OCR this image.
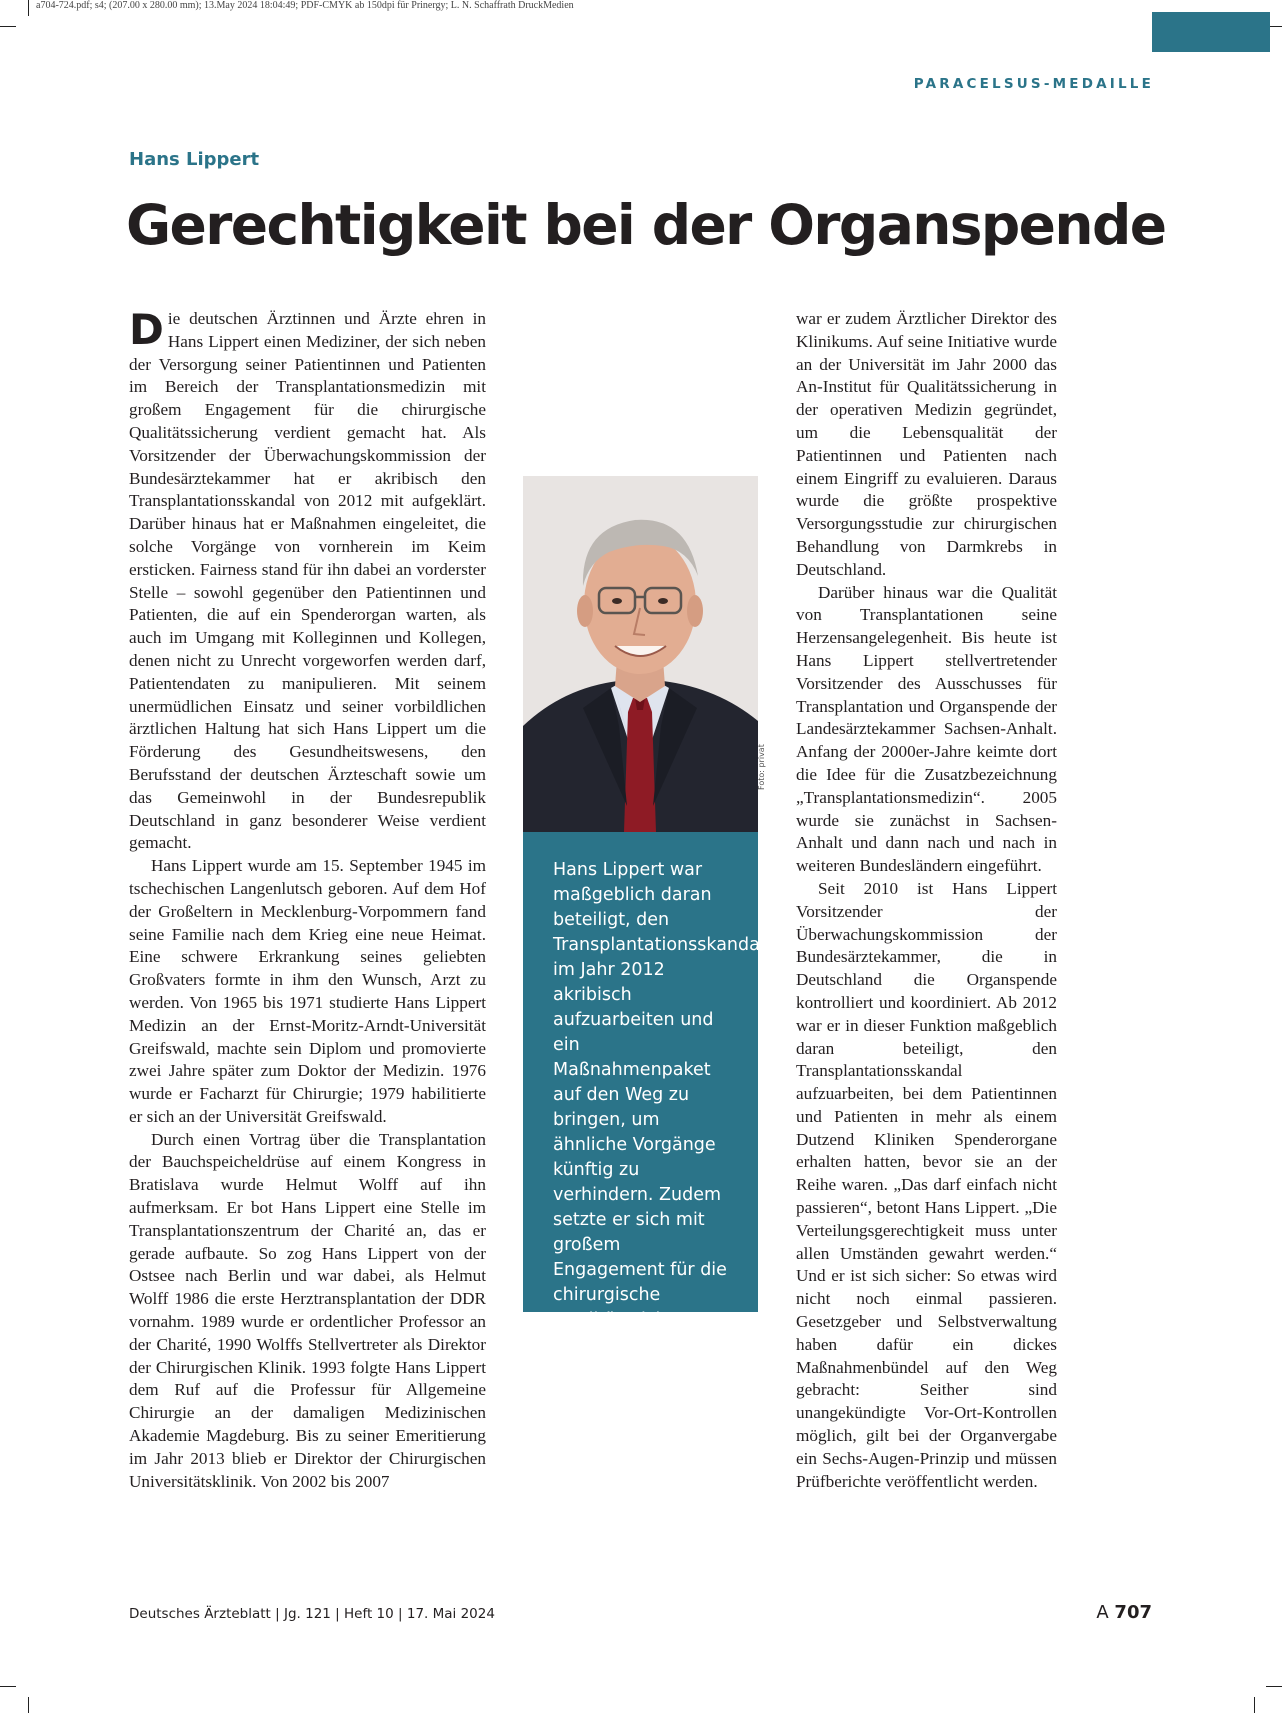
a704-724.pdf; s4; (207.00 x 280.00 mm); 13.May 2024 18:04:49; PDF-CMYK ab 150dpi für Prinergy; L. N. Schaffrath DruckMedien
PARACELSUS-MEDAILLE
Hans Lippert
Gerechtigkeit bei der Organspende

Die deutschen Ärztinnen und Ärzte ehren in Hans Lippert einen Mediziner, der sich neben der Versorgung seiner Patientinnen und Patienten im Bereich der Transplantationsmedizin mit großem Engagement für die chirurgische Qualitätssicherung verdient gemacht hat. Als Vorsitzender der Überwachungskommission der Bundesärztekammer hat er akribisch den Transplantationsskandal von 2012 mit aufgeklärt. Darüber hinaus hat er Maßnahmen eingeleitet, die solche Vorgänge von vornherein im Keim ersticken. Fairness stand für ihn dabei an vorderster Stelle – sowohl gegenüber den Patientinnen und Patienten, die auf ein Spenderorgan warten, als auch im Umgang mit Kolleginnen und Kollegen, denen nicht zu Unrecht vorgeworfen werden darf, Patientendaten zu manipulieren. Mit seinem unermüdlichen Einsatz und seiner vorbildlichen ärztlichen Haltung hat sich Hans Lippert um die Förderung des Gesundheitswesens, den Berufsstand der deutschen Ärzteschaft sowie um das Gemeinwohl in der Bundesrepublik Deutschland in ganz besonderer Weise verdient gemacht.

Hans Lippert wurde am 15. September 1945 im tschechischen Langenlutsch geboren. Auf dem Hof der Großeltern in Mecklenburg-Vorpommern fand seine Familie nach dem Krieg eine neue Heimat. Eine schwere Erkrankung seines geliebten Großvaters formte in ihm den Wunsch, Arzt zu werden. Von 1965 bis 1971 studierte Hans Lippert Medizin an der Ernst-Moritz-Arndt-Universität Greifswald, machte sein Diplom und promovierte zwei Jahre später zum Doktor der Medizin. 1976 wurde er Facharzt für Chirurgie; 1979 habilitierte er sich an der Universität Greifswald.

Durch einen Vortrag über die Transplantation der Bauchspeicheldrüse auf einem Kongress in Bratislava wurde Helmut Wolff auf ihn aufmerksam. Er bot Hans Lippert eine Stelle im Transplantationszentrum der Charité an, das er gerade aufbaute. So zog Hans Lippert von der Ostsee nach Berlin und war dabei, als Helmut Wolff 1986 die erste Herztransplantation der DDR vornahm. 1989 wurde er ordentlicher Professor an der Charité, 1990 Wolffs Stellvertreter als Direktor der Chirurgischen Klinik. 1993 folgte Hans Lippert dem Ruf auf die Professur für Allgemeine Chirurgie an der damaligen Medizinischen Akademie Magdeburg. Bis zu seiner Emeritierung im Jahr 2013 blieb er Direktor der Chirurgischen Universitätsklinik. Von 2002 bis 2007

Foto: privat

Hans Lippert war maßgeblich daran beteiligt, den Transplantationsskandal im Jahr 2012 akribisch aufzuarbeiten und ein Maßnahmenpaket auf den Weg zu bringen, um ähnliche Vorgänge künftig zu verhindern. Zudem setzte er sich mit großem Engagement für die chirurgische Qualitätssicherung ein.

war er zudem Ärztlicher Direktor des Klinikums. Auf seine Initiative wurde an der Universität im Jahr 2000 das An-Institut für Qualitätssicherung in der operativen Medizin gegründet, um die Lebensqualität der Patientinnen und Patienten nach einem Eingriff zu evaluieren. Daraus wurde die größte prospektive Versorgungsstudie zur chirurgischen Behandlung von Darmkrebs in Deutschland.

Darüber hinaus war die Qualität von Transplantationen seine Herzensangelegenheit. Bis heute ist Hans Lippert stellvertretender Vorsitzender des Ausschusses für Transplantation und Organspende der Landesärztekammer Sachsen-Anhalt. Anfang der 2000er-Jahre keimte dort die Idee für die Zusatzbezeichnung „Transplantationsmedizin“. 2005 wurde sie zunächst in Sachsen-Anhalt und dann nach und nach in weiteren Bundesländern eingeführt.

Seit 2010 ist Hans Lippert Vorsitzender der Überwachungskommission der Bundesärztekammer, die in Deutschland die Organspende kontrolliert und koordiniert. Ab 2012 war er in dieser Funktion maßgeblich daran beteiligt, den Transplantationsskandal aufzuarbeiten, bei dem Patientinnen und Patienten in mehr als einem Dutzend Kliniken Spenderorgane erhalten hatten, bevor sie an der Reihe waren. „Das darf einfach nicht passieren“, betont Hans Lippert. „Die Verteilungsgerechtigkeit muss unter allen Umständen gewahrt werden.“ Und er ist sich sicher: So etwas wird nicht noch einmal passieren. Gesetzgeber und Selbstverwaltung haben dafür ein dickes Maßnahmenbündel auf den Weg gebracht: Seither sind unangekündigte Vor-Ort-Kontrollen möglich, gilt bei der Organvergabe ein Sechs-Augen-Prinzip und müssen Prüfberichte veröffentlicht werden.

Deutsches Ärzteblatt | Jg. 121 | Heft 10 | 17. Mai 2024	A 707
